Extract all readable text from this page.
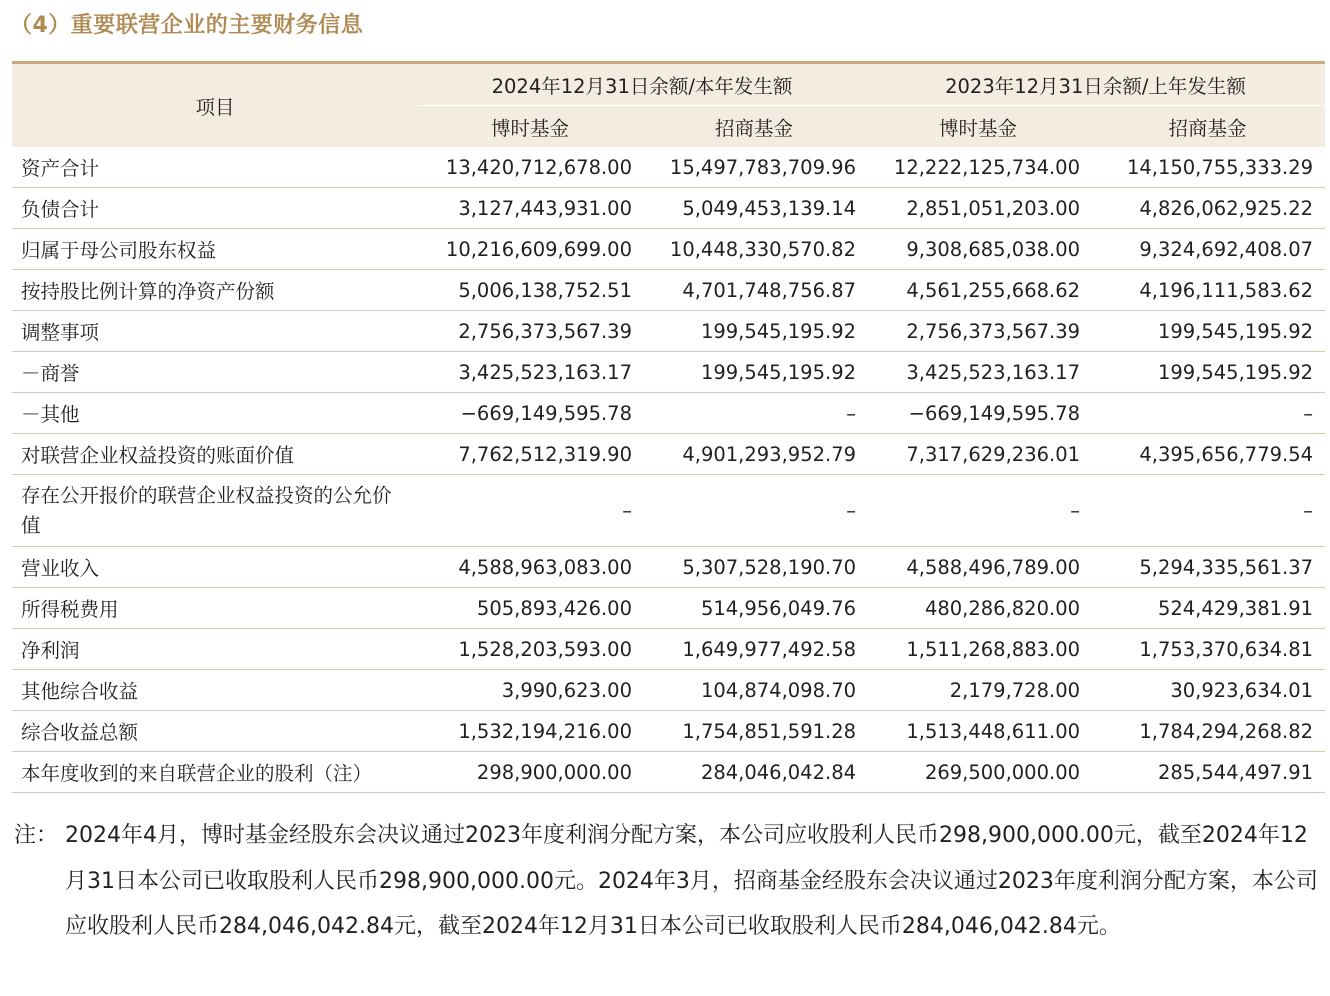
（4）重要联营企业的主要财务信息
项目	2024年12月31日余额/本年发生额		2023年12月31日余额/上年发生额	
	博时基金	招商基金	博时基金	招商基金
资产合计	13,420,712,678.00	15,497,783,709.96	12,222,125,734.00	14,150,755,333.29
负债合计	3,127,443,931.00	5,049,453,139.14	2,851,051,203.00	4,826,062,925.22
归属于母公司股东权益	10,216,609,699.00	10,448,330,570.82	9,308,685,038.00	9,324,692,408.07
按持股比例计算的净资产份额	5,006,138,752.51	4,701,748,756.87	4,561,255,668.62	4,196,111,583.62
调整事项	2,756,373,567.39	199,545,195.92	2,756,373,567.39	199,545,195.92
－商誉	3,425,523,163.17	199,545,195.92	3,425,523,163.17	199,545,195.92
－其他	−669,149,595.78	–	−669,149,595.78	–
对联营企业权益投资的账面价值	7,762,512,319.90	4,901,293,952.79	7,317,629,236.01	4,395,656,779.54
存在公开报价的联营企业权益投资的公允价值	–	–	–	–
营业收入	4,588,963,083.00	5,307,528,190.70	4,588,496,789.00	5,294,335,561.37
所得税费用	505,893,426.00	514,956,049.76	480,286,820.00	524,429,381.91
净利润	1,528,203,593.00	1,649,977,492.58	1,511,268,883.00	1,753,370,634.81
其他综合收益	3,990,623.00	104,874,098.70	2,179,728.00	30,923,634.01
综合收益总额	1,532,194,216.00	1,754,851,591.28	1,513,448,611.00	1,784,294,268.82
本年度收到的来自联营企业的股利（注）	298,900,000.00	284,046,042.84	269,500,000.00	285,544,497.91
注： 2024年4月，博时基金经股东会决议通过2023年度利润分配方案，本公司应收股利人民币298,900,000.00元，截至2024年12月31日本公司已收取股利人民币298,900,000.00元。2024年3月，招商基金经股东会决议通过2023年度利润分配方案，本公司应收股利人民币284,046,042.84元，截至2024年12月31日本公司已收取股利人民币284,046,042.84元。
